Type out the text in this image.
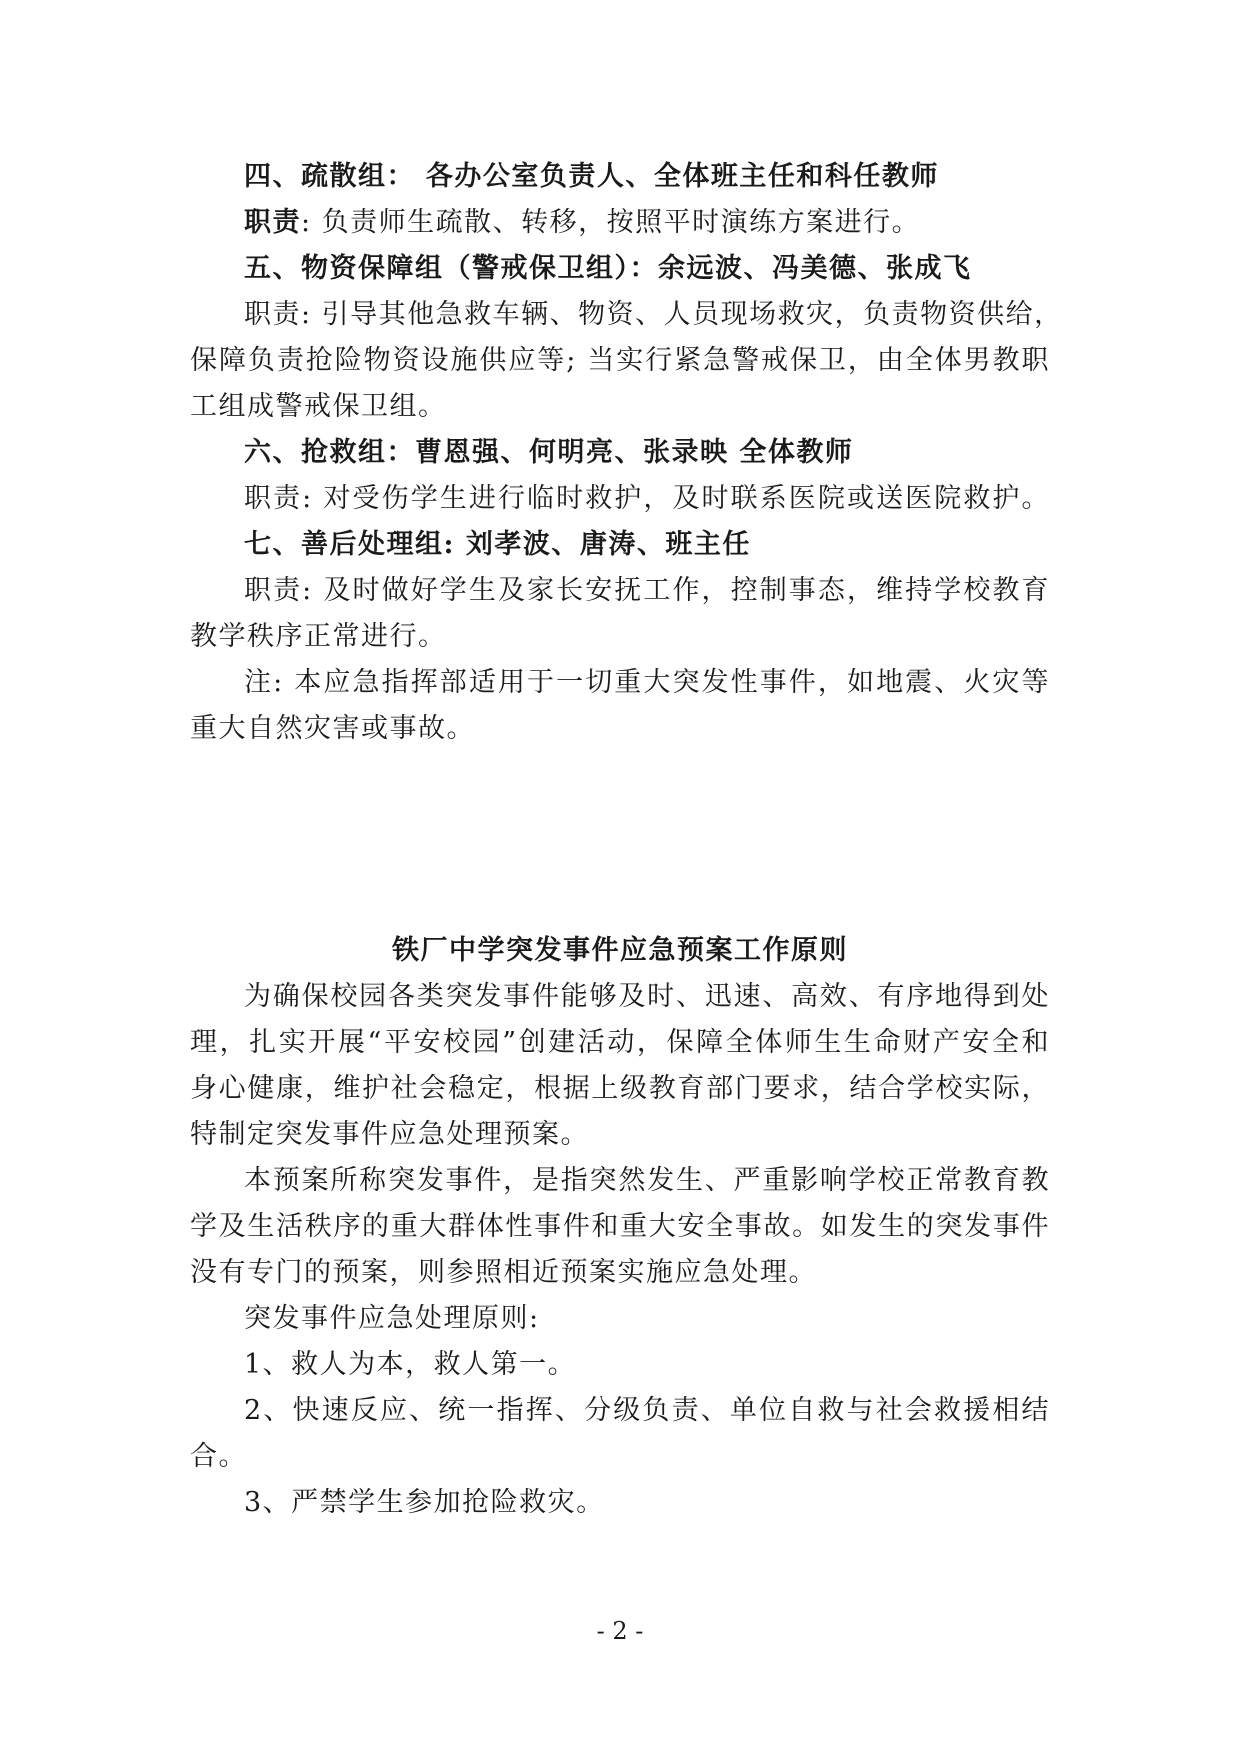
四、疏散组： 各办公室负责人、全体班主任和科任教师
职责: 负责师生疏散、转移，按照平时演练方案进行。
五、物资保障组（警戒保卫组）：余远波、冯美德、张成飞
职责: 引导其他急救车辆、物资、人员现场救灾，负责物资供给，
保障负责抢险物资设施供应等; 当实行紧急警戒保卫，由全体男教职
工组成警戒保卫组。
六、抢救组：曹恩强、何明亮、张录映 全体教师
职责: 对受伤学生进行临时救护，及时联系医院或送医院救护。
七、善后处理组: 刘孝波、唐涛、班主任
职责: 及时做好学生及家长安抚工作，控制事态，维持学校教育
教学秩序正常进行。
注: 本应急指挥部适用于一切重大突发性事件，如地震、火灾等
重大自然灾害或事故。
铁厂中学突发事件应急预案工作原则
为确保校园各类突发事件能够及时、迅速、高效、有序地得到处
理，扎实开展“平安校园”创建活动，保障全体师生生命财产安全和
身心健康，维护社会稳定，根据上级教育部门要求，结合学校实际，
特制定突发事件应急处理预案。
本预案所称突发事件，是指突然发生、严重影响学校正常教育教
学及生活秩序的重大群体性事件和重大安全事故。如发生的突发事件
没有专门的预案，则参照相近预案实施应急处理。
突发事件应急处理原则:
1、救人为本，救人第一。
2、快速反应、统一指挥、分级负责、单位自救与社会救援相结
合。
3、严禁学生参加抢险救灾。
- 2 -
